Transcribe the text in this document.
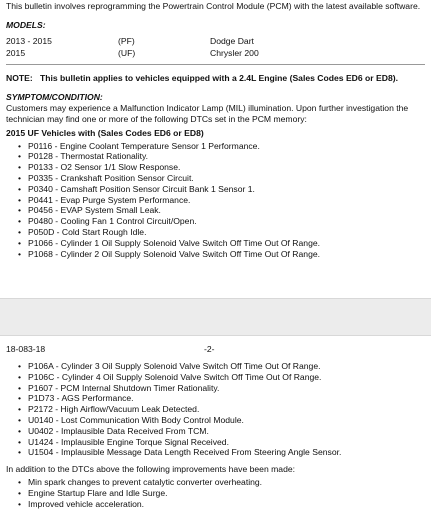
This bulletin involves reprogramming the Powertrain Control Module (PCM) with the latest available software.

MODELS:
2013 - 2015	(PF)	Dodge Dart
2015	(UF)	Chrysler 200
NOTE: This bulletin applies to vehicles equipped with a 2.4L Engine (Sales Codes ED6 or ED8).
SYMPTOM/CONDITION:

Customers may experience a Malfunction Indicator Lamp (MIL) illumination. Upon further investigation the technician may find one or more of the following DTCs set in the PCM memory:

2015 UF Vehicles with (Sales Codes ED6 or ED8)
• P0116 - Engine Coolant Temperature Sensor 1 Performance.
• P0128 - Thermostat Rationality.
• P0133 - O2 Sensor 1/1 Slow Response.
• P0335 - Crankshaft Position Sensor Circuit.
• P0340 - Camshaft Position Sensor Circuit Bank 1 Sensor 1.
• P0441 - Evap Purge System Performance.
• P0456 - EVAP System Small Leak.
• P0480 - Cooling Fan 1 Control Circuit/Open.
• P050D - Cold Start Rough Idle.
• P1066 - Cylinder 1 Oil Supply Solenoid Valve Switch Off Time Out Of Range.
• P1068 - Cylinder 2 Oil Supply Solenoid Valve Switch Off Time Out Of Range.
18-083-18	-2-
• P106A - Cylinder 3 Oil Supply Solenoid Valve Switch Off Time Out Of Range.
• P106C - Cylinder 4 Oil Supply Solenoid Valve Switch Off Time Out Of Range.
• P1607 - PCM Internal Shutdown Timer Rationality.
• P1D73 - AGS Performance.
• P2172 - High Airflow/Vacuum Leak Detected.
• U0140 - Lost Communication With Body Control Module.
• U0402 - Implausible Data Received From TCM.
• U1424 - Implausible Engine Torque Signal Received.
• U1504 - Implausible Message Data Length Received From Steering Angle Sensor.

In addition to the DTCs above the following improvements have been made:

• Min spark changes to prevent catalytic converter overheating.
• Engine Startup Flare and Idle Surge.
• Improved vehicle acceleration.
